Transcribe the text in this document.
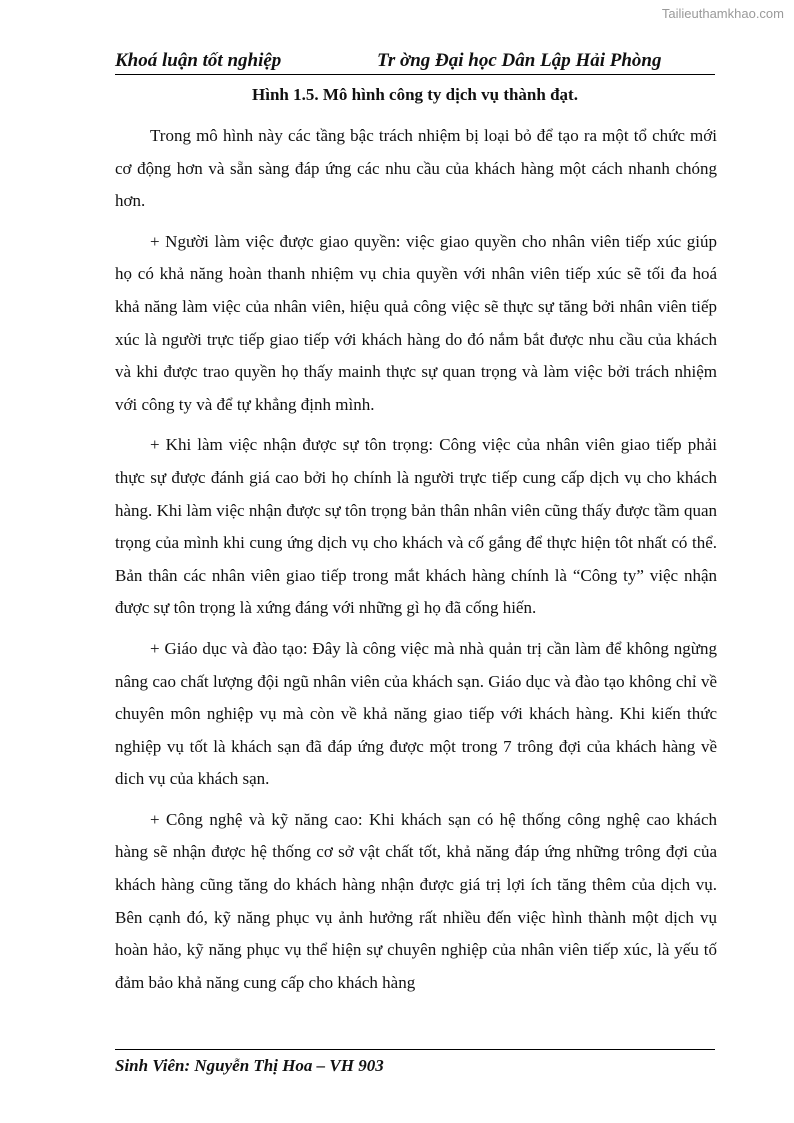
Tailieuthamkhao.com
Khoá luận tốt nghiệp	Tr ờng Đại học Dân Lập Hải Phòng
Hình 1.5. Mô hình công ty dịch vụ thành đạt.

Trong mô hình này các tầng bậc trách nhiệm bị loại bỏ để tạo ra một tổ chức mới cơ động hơn và sẵn sàng đáp ứng các nhu cầu của khách hàng một cách nhanh chóng hơn.

+ Người làm việc được giao quyền: việc giao quyền cho nhân viên tiếp xúc giúp họ có khả năng hoàn thanh nhiệm vụ chia quyền với nhân viên tiếp xúc sẽ tối đa hoá khả năng làm việc của nhân viên, hiệu quả công việc sẽ thực sự tăng bởi nhân viên tiếp xúc là người trực tiếp giao tiếp với khách hàng do đó nắm bắt được nhu cầu của khách và khi được trao quyền họ thấy mainh thực sự quan trọng và làm việc bởi trách nhiệm với công ty và để tự khẳng định mình.

+ Khi làm việc nhận được sự tôn trọng: Công việc của nhân viên giao tiếp phải thực sự được đánh giá cao bởi họ chính là người trực tiếp cung cấp dịch vụ cho khách hàng. Khi làm việc nhận được sự tôn trọng bản thân nhân viên cũng thấy được tầm quan trọng của mình khi cung ứng dịch vụ cho khách và cố gắng để thực hiện tôt nhất có thể. Bản thân các nhân viên giao tiếp trong mắt khách hàng chính là “Công ty” việc nhận được sự tôn trọng là xứng đáng với những gì họ đã cống hiến.

+ Giáo dục và đào tạo: Đây là công việc mà nhà quản trị cần làm để không ngừng nâng cao chất lượng đội ngũ nhân viên của khách sạn. Giáo dục và đào tạo không chỉ về chuyên môn nghiệp vụ mà còn về khả năng giao tiếp với khách hàng. Khi kiến thức nghiệp vụ tốt là khách sạn đã đáp ứng được một trong 7 trông đợi của khách hàng về dich vụ của khách sạn.

+ Công nghệ và kỹ năng cao: Khi khách sạn có hệ thống công nghệ cao khách hàng sẽ nhận được hệ thống cơ sở vật chất tốt, khả năng đáp ứng những trông đợi của khách hàng cũng tăng do khách hàng nhận được giá trị lợi ích tăng thêm của dịch vụ. Bên cạnh đó, kỹ năng phục vụ ảnh hưởng rất nhiều đến việc hình thành một dịch vụ hoàn hảo, kỹ năng phục vụ thể hiện sự chuyên nghiệp của nhân viên tiếp xúc, là yếu tố đảm bảo khả năng cung cấp cho khách hàng

Sinh Viên: Nguyễn Thị Hoa – VH 903
